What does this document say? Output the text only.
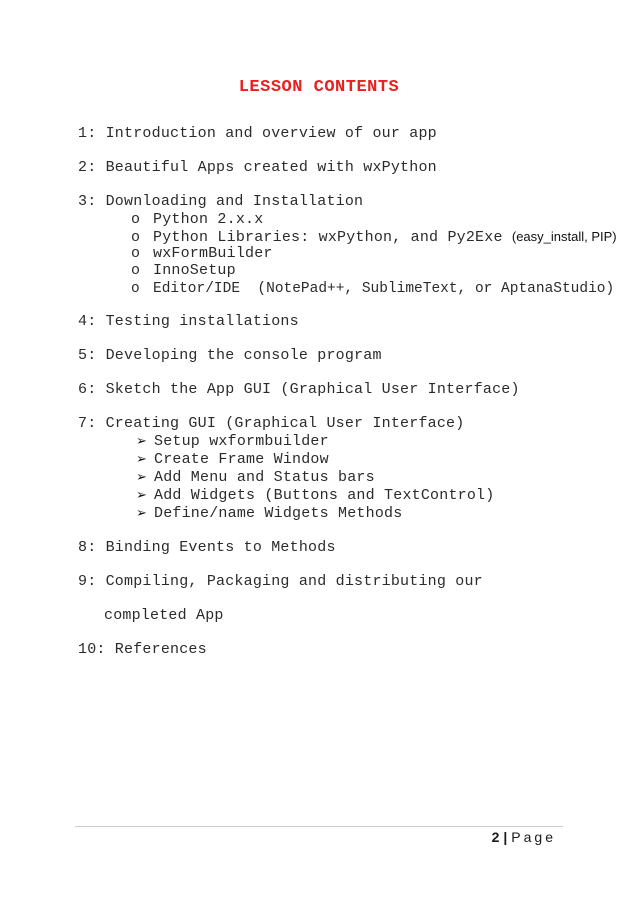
LESSON CONTENTS
1: Introduction and overview of our app
2: Beautiful Apps created with wxPython
3: Downloading and Installation
o Python 2.x.x
o Python Libraries: wxPython, and Py2Exe (easy_install, PIP)
o wxFormBuilder
o InnoSetup
o Editor/IDE (NotePad++, SublimeText, or AptanaStudio)
4: Testing installations
5: Developing the console program
6: Sketch the App GUI (Graphical User Interface)
7: Creating GUI (Graphical User Interface)
➢ Setup wxformbuilder
➢ Create Frame Window
➢ Add Menu and Status bars
➢ Add Widgets (Buttons and TextControl)
➢ Define/name Widgets Methods
8: Binding Events to Methods
9: Compiling, Packaging and distributing our
completed App
10: References
2 | Page
